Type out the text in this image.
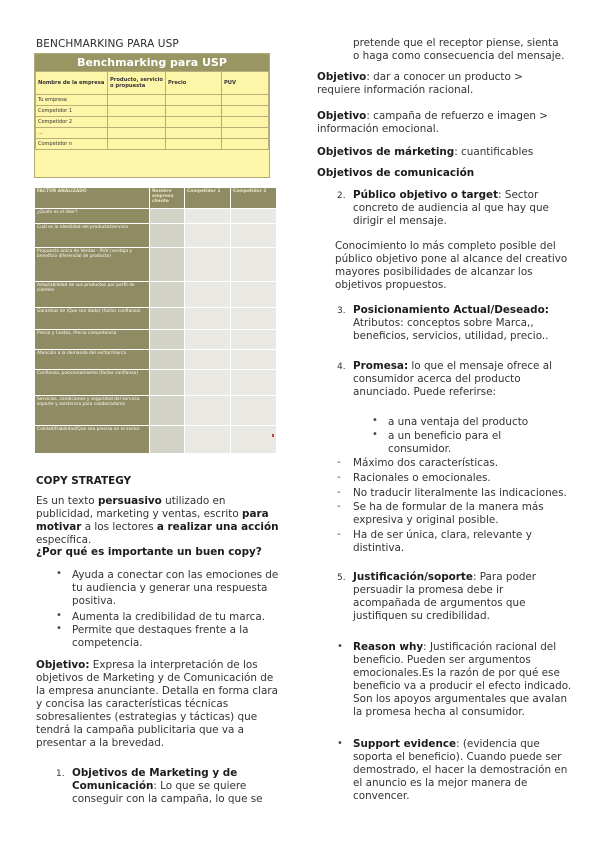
BENCHMARKING PARA USP
Benchmarking para USP
Nombre de la empresa	Producto, servicio o propuesta	Precio	PUV
Tu empresa			
Competidor 1			
Competidor 2			
...			
Competidor n			
FACTOR ANALIZADO	Nombre empresa cliente	Competidor 1	Competidor 2
¿Quién es el líder?			
Cuál es la identidad del producto/servicio			
Propuesta única de Ventas - PUV (ventaja y beneficio diferencial de producto)			
Adaptabilidad de sus productos por perfil de clientes			
Garantías de (Que son dado) (factor confianza)			
Precio y Costos, Precio competencia			
Atención a la demanda del sector/marca			
Confianza, posicionamiento (factor confianza)			
Servicios, condiciones y seguridad del servicio, soporte y asistencia para colaboradores			
Calidad/Fiabilidad/Que sea precisa en el sector			
COPY STRATEGY
Es un texto persuasivo utilizado en publicidad, marketing y ventas, escrito para motivar a los lectores a realizar una acción específica.
¿Por qué es importante un buen copy?
• Ayuda a conectar con las emociones de tu audiencia y generar una respuesta positiva.
• Aumenta la credibilidad de tu marca.
• Permite que destaques frente a la competencia.
Objetivo: Expresa la interpretación de los objetivos de Marketing y de Comunicación de la empresa anunciante. Detalla en forma clara y concisa las características técnicas sobresalientes (estrategias y tácticas) que tendrá la campaña publicitaria que va a presentar a la brevedad.
1. Objetivos de Marketing y de Comunicación: Lo que se quiere conseguir con la campaña, lo que se
pretende que el receptor piense, sienta o haga como consecuencia del mensaje.
Objetivo: dar a conocer un producto > requiere información racional.
Objetivo: campaña de refuerzo e imagen > información emocional.
Objetivos de márketing: cuantificables
Objetivos de comunicación
2. Público objetivo o target: Sector concreto de audiencia al que hay que dirigir el mensaje.
Conocimiento lo más completo posible del público objetivo pone al alcance del creativo mayores posibilidades de alcanzar los objetivos propuestos.
3. Posicionamiento Actual/Deseado:
Atributos: conceptos sobre Marca,, beneficios, servicios, utilidad, precio..
4. Promesa: lo que el mensaje ofrece al consumidor acerca del producto anunciado. Puede referirse:
• a una ventaja del producto
• a un beneficio para el consumidor.
- Máximo dos características.
- Racionales o emocionales.
- No traducir literalmente las indicaciones.
- Se ha de formular de la manera más expresiva y original posible.
- Ha de ser única, clara, relevante y distintiva.
5. Justificación/soporte: Para poder persuadir la promesa debe ir acompañada de argumentos que justifiquen su credibilidad.
• Reason why: Justificación racional del beneficio. Pueden ser argumentos emocionales.Es la razón de por qué ese beneficio va a producir el efecto indicado. Son los apoyos argumentales que avalan la promesa hecha al consumidor.
• Support evidence: (evidencia que soporta el beneficio). Cuando puede ser demostrado, el hacer la demostración en el anuncio es la mejor manera de convencer.
